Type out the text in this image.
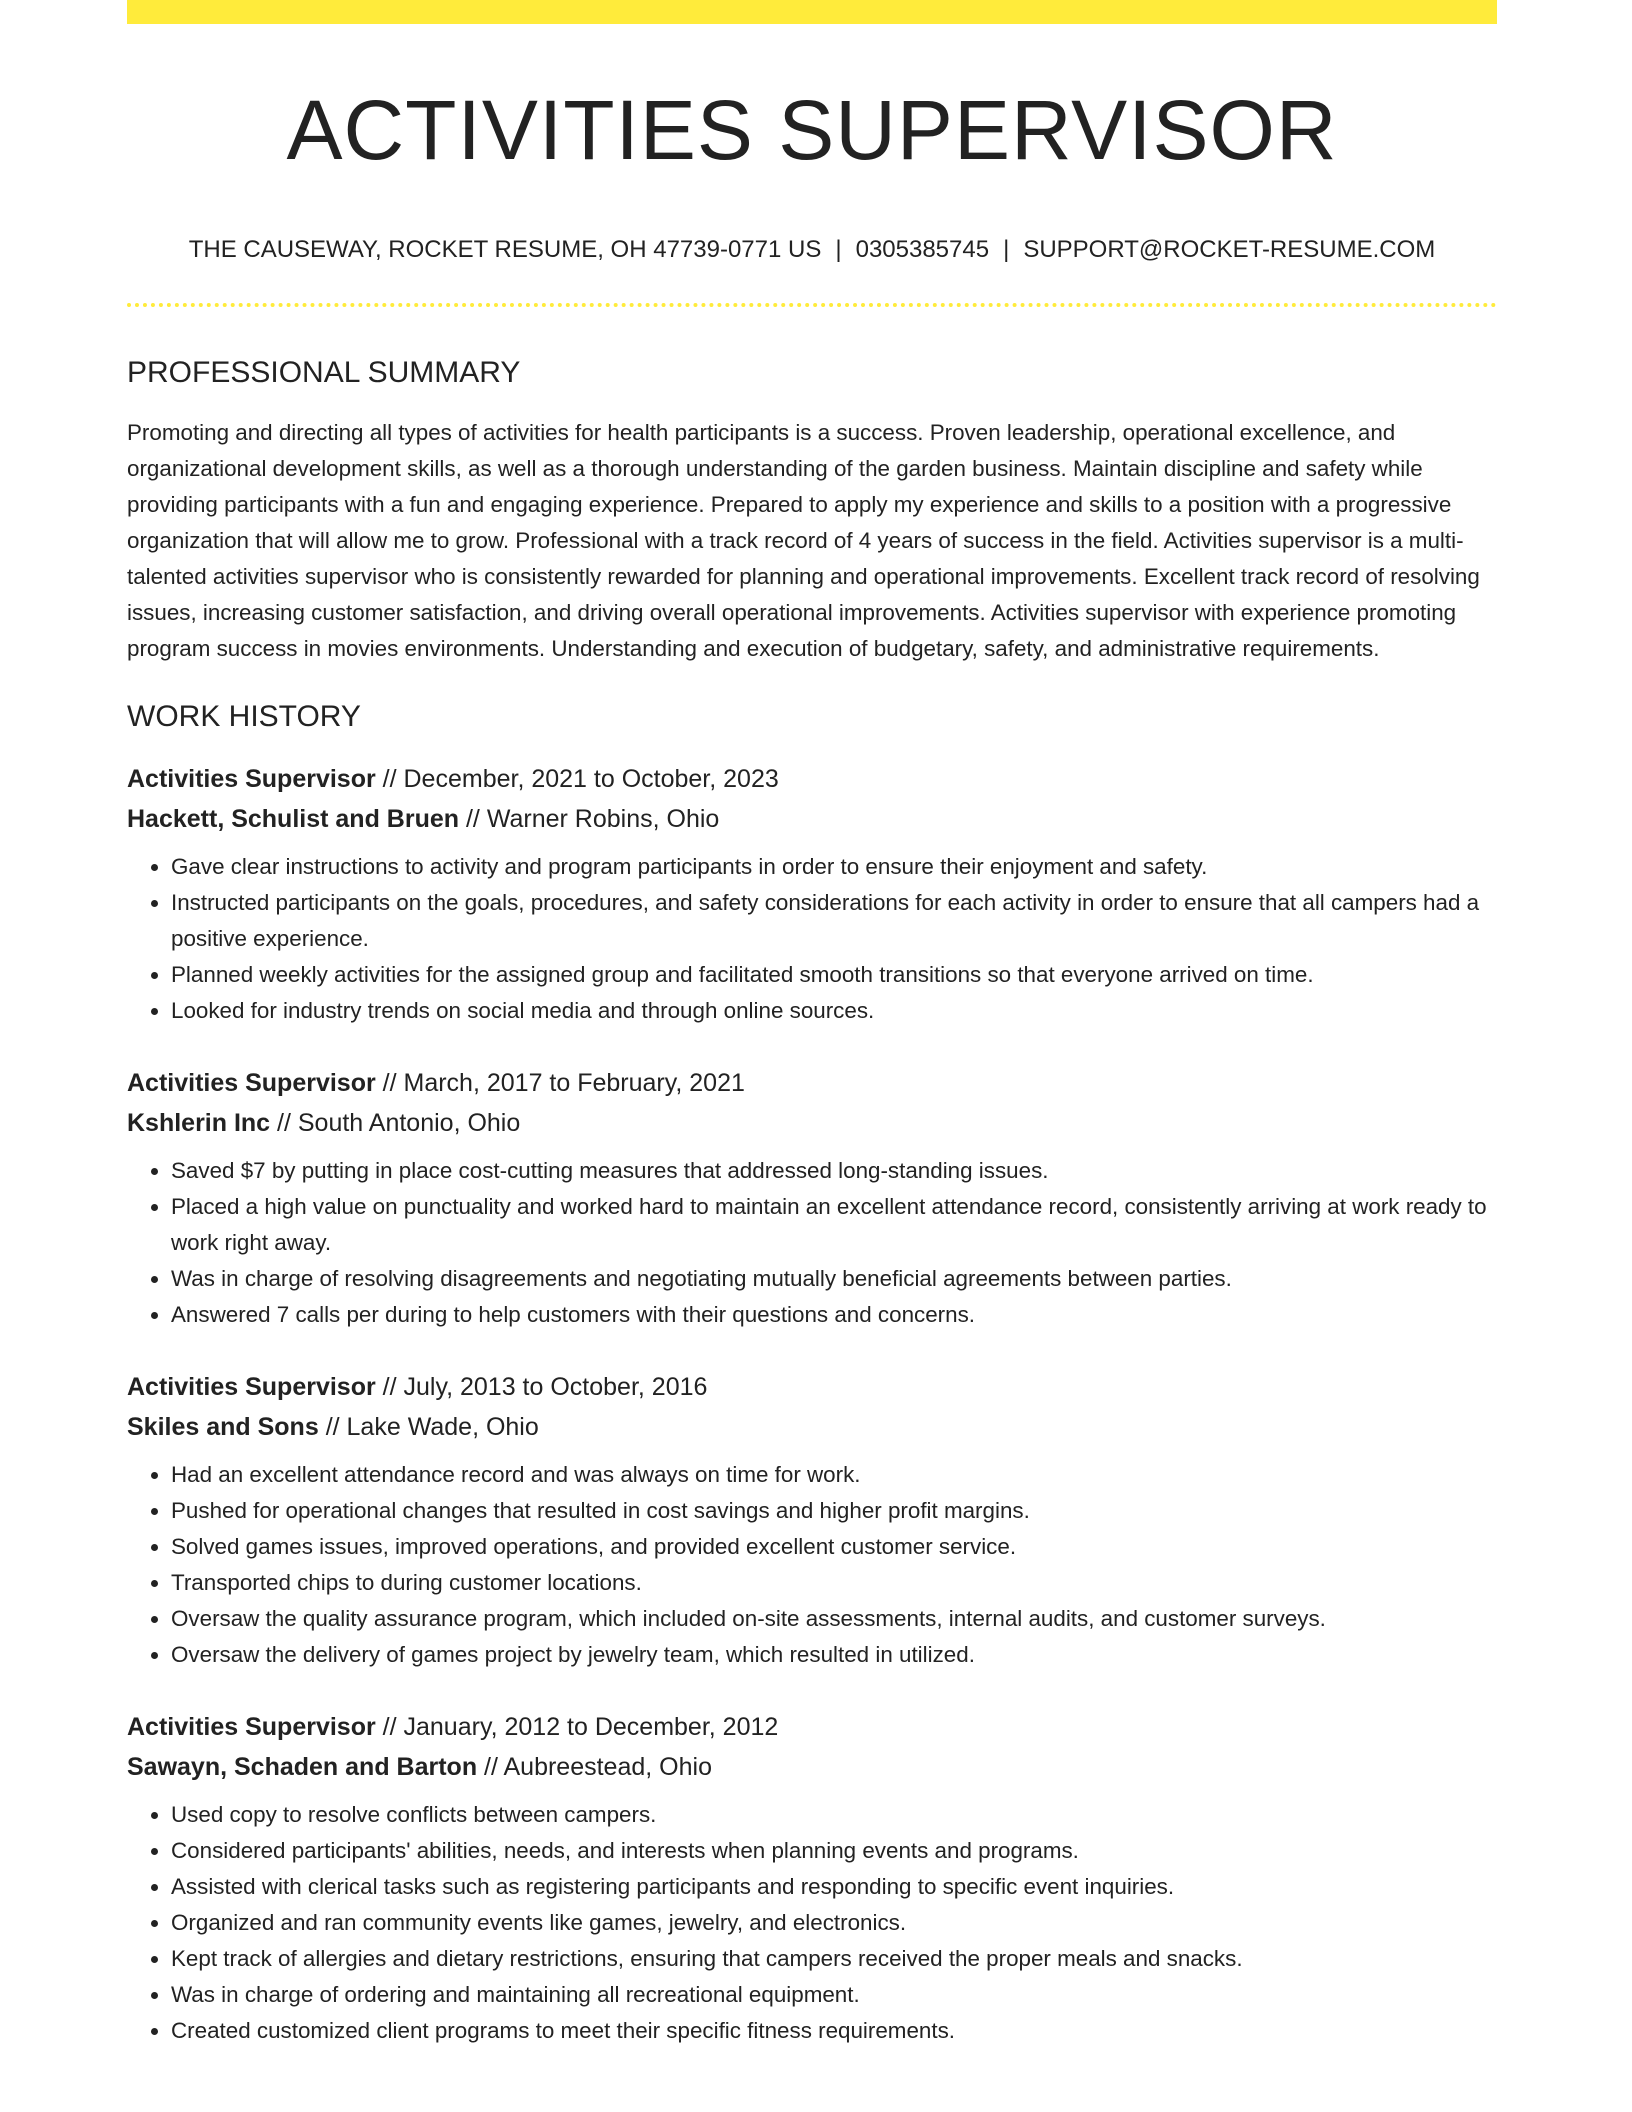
ACTIVITIES SUPERVISOR
THE CAUSEWAY, ROCKET RESUME, OH 47739-0771 US | 0305385745 | SUPPORT@ROCKET-RESUME.COM
PROFESSIONAL SUMMARY
Promoting and directing all types of activities for health participants is a success. Proven leadership, operational excellence, and organizational development skills, as well as a thorough understanding of the garden business. Maintain discipline and safety while providing participants with a fun and engaging experience. Prepared to apply my experience and skills to a position with a progressive organization that will allow me to grow. Professional with a track record of 4 years of success in the field. Activities supervisor is a multi-talented activities supervisor who is consistently rewarded for planning and operational improvements. Excellent track record of resolving issues, increasing customer satisfaction, and driving overall operational improvements. Activities supervisor with experience promoting program success in movies environments. Understanding and execution of budgetary, safety, and administrative requirements.
WORK HISTORY
Activities Supervisor // December, 2021 to October, 2023
Hackett, Schulist and Bruen // Warner Robins, Ohio
• Gave clear instructions to activity and program participants in order to ensure their enjoyment and safety.
• Instructed participants on the goals, procedures, and safety considerations for each activity in order to ensure that all campers had a positive experience.
• Planned weekly activities for the assigned group and facilitated smooth transitions so that everyone arrived on time.
• Looked for industry trends on social media and through online sources.
Activities Supervisor // March, 2017 to February, 2021
Kshlerin Inc // South Antonio, Ohio
• Saved $7 by putting in place cost-cutting measures that addressed long-standing issues.
• Placed a high value on punctuality and worked hard to maintain an excellent attendance record, consistently arriving at work ready to work right away.
• Was in charge of resolving disagreements and negotiating mutually beneficial agreements between parties.
• Answered 7 calls per during to help customers with their questions and concerns.
Activities Supervisor // July, 2013 to October, 2016
Skiles and Sons // Lake Wade, Ohio
• Had an excellent attendance record and was always on time for work.
• Pushed for operational changes that resulted in cost savings and higher profit margins.
• Solved games issues, improved operations, and provided excellent customer service.
• Transported chips to during customer locations.
• Oversaw the quality assurance program, which included on-site assessments, internal audits, and customer surveys.
• Oversaw the delivery of games project by jewelry team, which resulted in utilized.
Activities Supervisor // January, 2012 to December, 2012
Sawayn, Schaden and Barton // Aubreestead, Ohio
• Used copy to resolve conflicts between campers.
• Considered participants' abilities, needs, and interests when planning events and programs.
• Assisted with clerical tasks such as registering participants and responding to specific event inquiries.
• Organized and ran community events like games, jewelry, and electronics.
• Kept track of allergies and dietary restrictions, ensuring that campers received the proper meals and snacks.
• Was in charge of ordering and maintaining all recreational equipment.
• Created customized client programs to meet their specific fitness requirements.
